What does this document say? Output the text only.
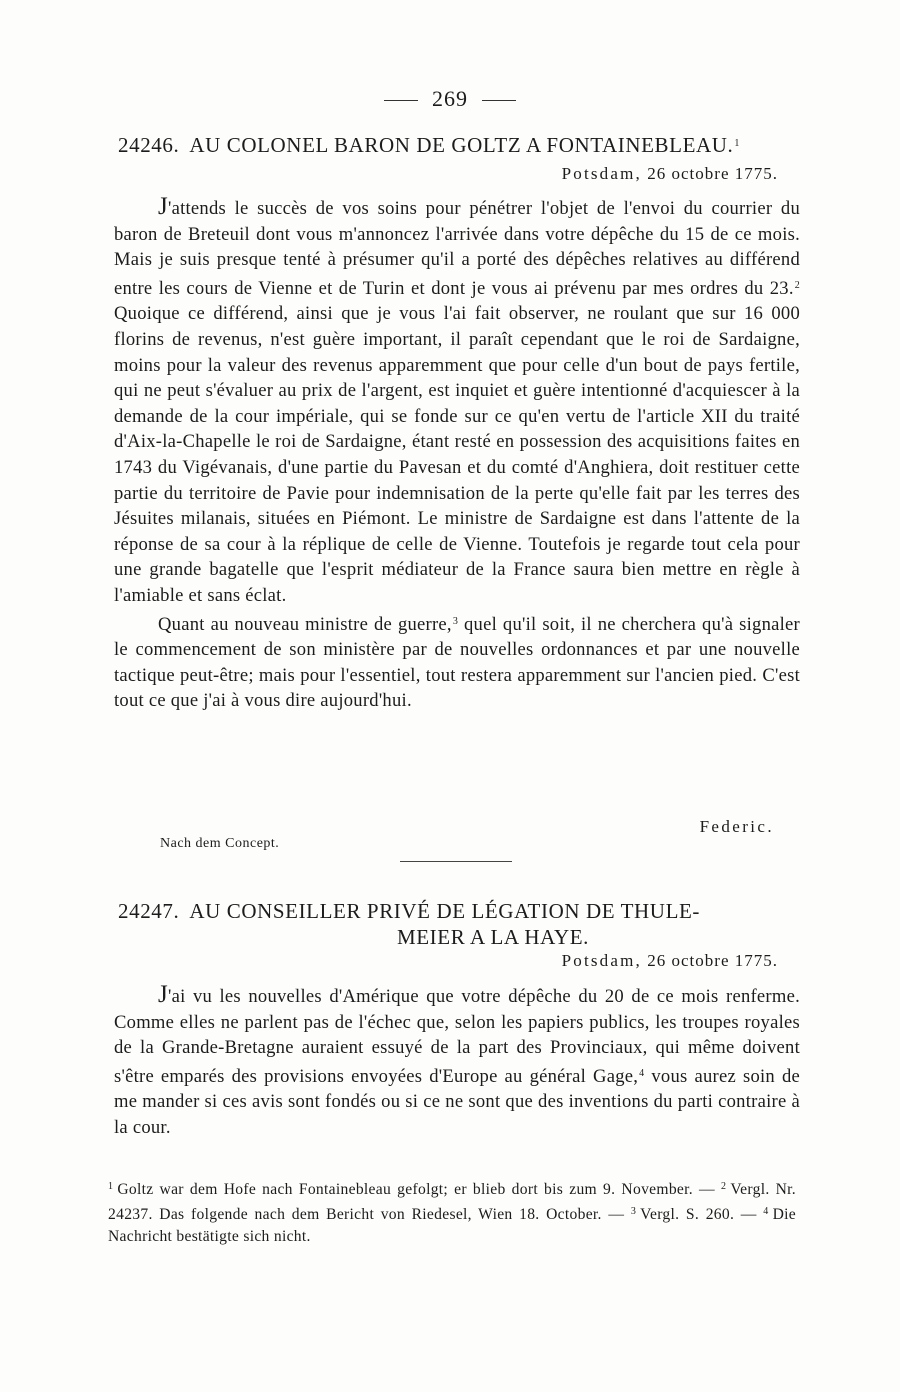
269
24246. AU COLONEL BARON DE GOLTZ A FONTAINEBLEAU.$^1$
Potsdam, 26 octobre 1775.

J'attends le succès de vos soins pour pénétrer l'objet de l'envoi du courrier du baron de Breteuil dont vous m'annoncez l'arrivée dans votre dépêche du 15 de ce mois. Mais je suis presque tenté à présumer qu'il a porté des dépêches relatives au différend entre les cours de Vienne et de Turin et dont je vous ai prévenu par mes ordres du 23.$^2$ Quoique ce différend, ainsi que je vous l'ai fait observer, ne roulant que sur 16 000 florins de revenus, n'est guère important, il paraît cependant que le roi de Sardaigne, moins pour la valeur des revenus apparemment que pour celle d'un bout de pays fertile, qui ne peut s'évaluer au prix de l'argent, est inquiet et guère intentionné d'acquiescer à la demande de la cour impériale, qui se fonde sur ce qu'en vertu de l'article XII du traité d'Aix-la-Chapelle le roi de Sardaigne, étant resté en possession des acquisitions faites en 1743 du Vigévanais, d'une partie du Pavesan et du comté d'Anghiera, doit restituer cette partie du territoire de Pavie pour indemnisation de la perte qu'elle fait par les terres des Jésuites milanais, situées en Piémont. Le ministre de Sardaigne est dans l'attente de la réponse de sa cour à la réplique de celle de Vienne. Toutefois je regarde tout cela pour une grande bagatelle que l'esprit médiateur de la France saura bien mettre en règle à l'amiable et sans éclat.

Quant au nouveau ministre de guerre,$^3$ quel qu'il soit, il ne cherchera qu'à signaler le commencement de son ministère par de nouvelles ordonnances et par une nouvelle tactique peut-être; mais pour l'essentiel, tout restera apparemment sur l'ancien pied. C'est tout ce que j'ai à vous dire aujourd'hui.

Federic.
Nach dem Concept.
24247. AU CONSEILLER PRIVÉ DE LÉGATION DE THULE-
MEIER A LA HAYE.
Potsdam, 26 octobre 1775.

J'ai vu les nouvelles d'Amérique que votre dépêche du 20 de ce mois renferme. Comme elles ne parlent pas de l'échec que, selon les papiers publics, les troupes royales de la Grande-Bretagne auraient essuyé de la part des Provinciaux, qui même doivent s'être emparés des provisions envoyées d'Europe au général Gage,$^4$ vous aurez soin de me mander si ces avis sont fondés ou si ce ne sont que des inventions du parti contraire à la cour.

$^1$ Goltz war dem Hofe nach Fontainebleau gefolgt; er blieb dort bis zum 9. November. — $^2$ Vergl. Nr. 24237. Das folgende nach dem Bericht von Riedesel, Wien 18. October. — $^3$ Vergl. S. 260. — $^4$ Die Nachricht bestätigte sich nicht.
